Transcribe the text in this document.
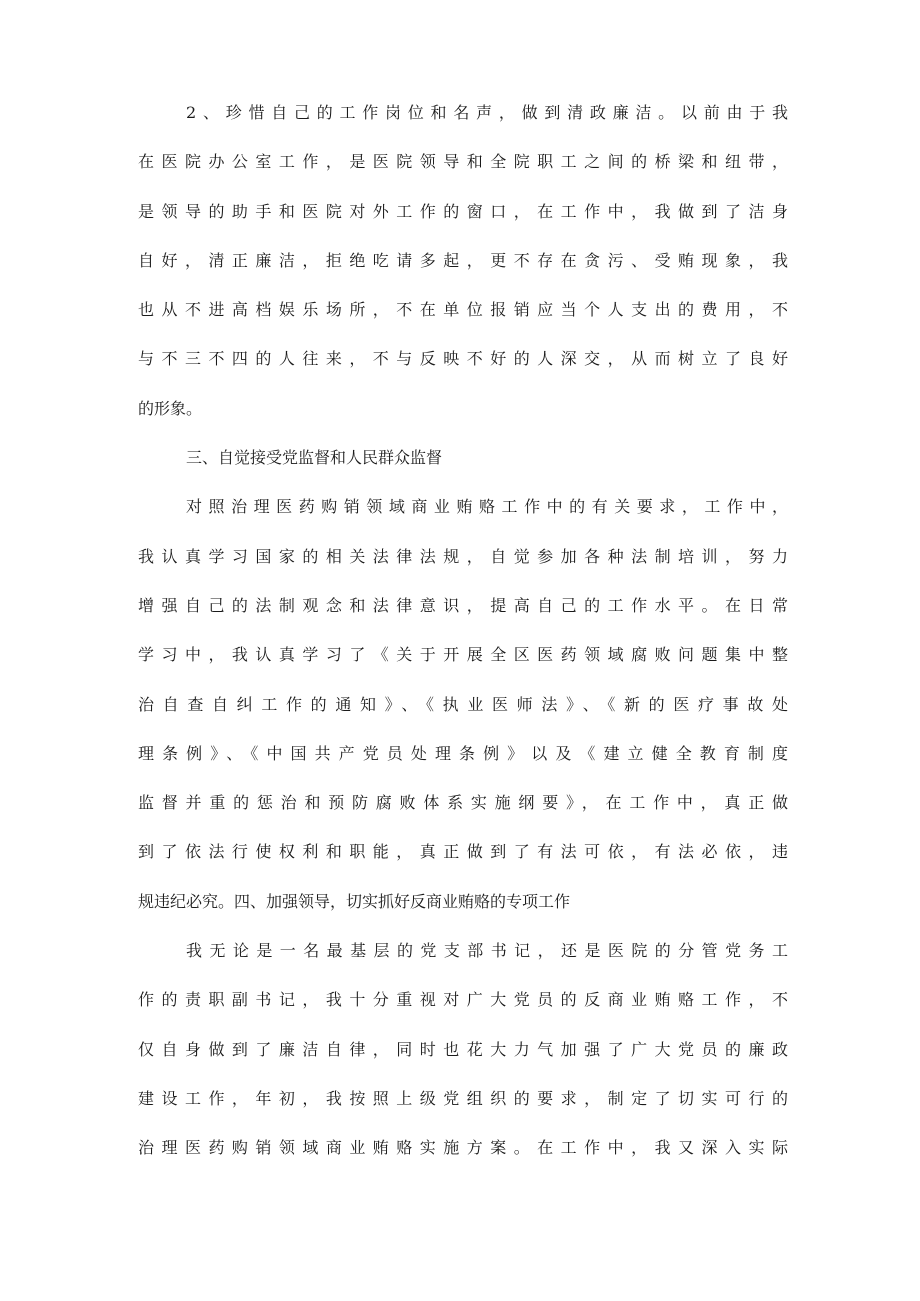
2、珍惜自己的工作岗位和名声，做到清政廉洁。以前由于我
在医院办公室工作，是医院领导和全院职工之间的桥梁和纽带，
是领导的助手和医院对外工作的窗口，在工作中，我做到了洁身
自好，清正廉洁，拒绝吃请多起，更不存在贪污、受贿现象，我
也从不进高档娱乐场所，不在单位报销应当个人支出的费用，不
与不三不四的人往来，不与反映不好的人深交，从而树立了良好
的形象。
三、自觉接受党监督和人民群众监督
对照治理医药购销领域商业贿赂工作中的有关要求，工作中，
我认真学习国家的相关法律法规，自觉参加各种法制培训，努力
增强自己的法制观念和法律意识，提高自己的工作水平。在日常
学习中，我认真学习了《关于开展全区医药领域腐败问题集中整
治自查自纠工作的通知》、《执业医师法》、《新的医疗事故处
理条例》、《中国共产党员处理条例》以及《建立健全教育制度
监督并重的惩治和预防腐败体系实施纲要》，在工作中，真正做
到了依法行使权利和职能，真正做到了有法可依，有法必依，违
规违纪必究。四、加强领导，切实抓好反商业贿赂的专项工作
我无论是一名最基层的党支部书记，还是医院的分管党务工
作的责职副书记，我十分重视对广大党员的反商业贿赂工作，不
仅自身做到了廉洁自律，同时也花大力气加强了广大党员的廉政
建设工作，年初，我按照上级党组织的要求，制定了切实可行的
治理医药购销领域商业贿赂实施方案。在工作中，我又深入实际
